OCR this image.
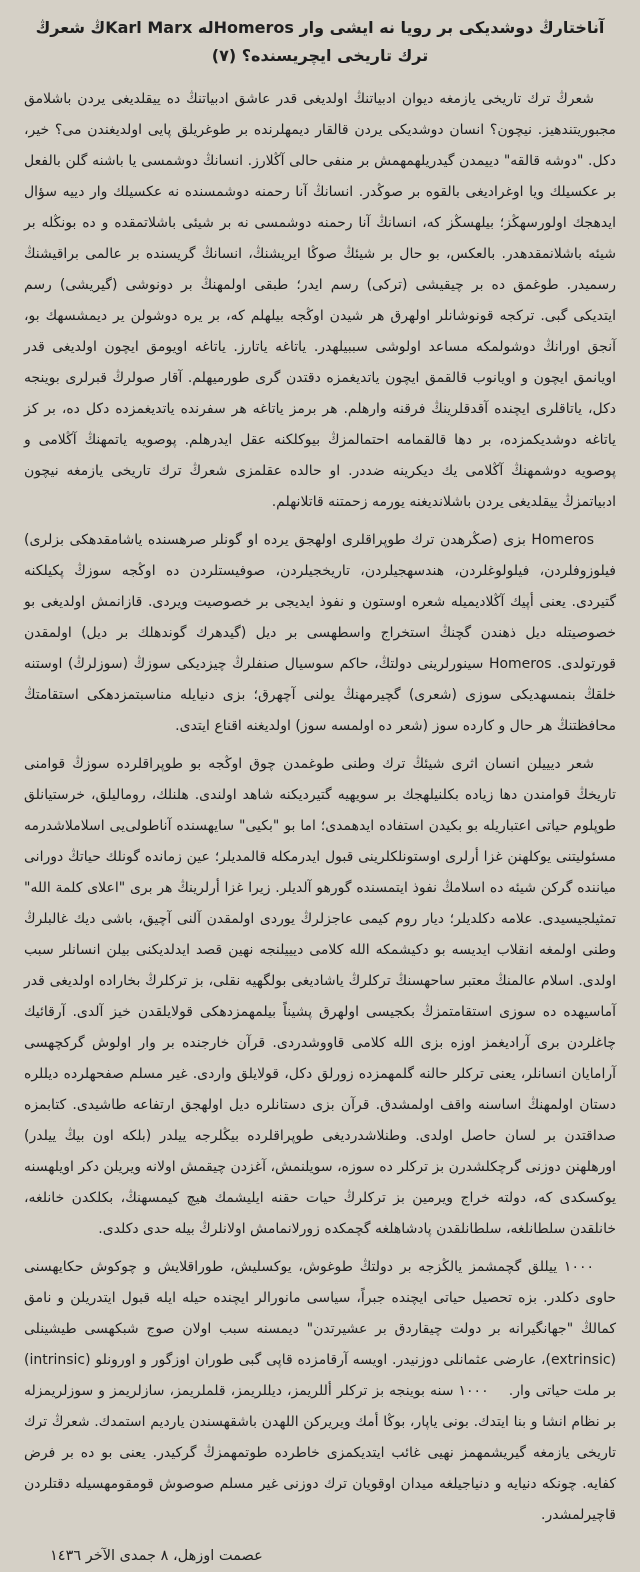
آناختارڭ دوشدیكی بر رویا نه ایشی وار Homerosله Karl Marxڭ شعرڭ ترك تاریخی ایچریسنده؟ (٧)

شعرڭ ترك تاریخی یازمغه دیوان ادبیاتنڭ اولدیغی قدر عاشق ادبیاتنڭ ده ییقلدیغی یردن باشلامق مجبوریتندهیز. نیچون؟ انسان دوشدیكی یردن قالقار دیمهلرنده بر طوغریلق پایی اولدیغندن می؟ خیر، دكل. "دوشه قالقه" دییمدن گیدریلهمهمش بر منفی حالی آڭلارز. انسانڭ دوشمسی یا باشنه گلن بالفعل بر عكسیلك ویا اوغرادیغی بالقوه بر صوڭدر. انسانڭ آنا رحمنه دوشمسنده نه عكسیلك وار دییه سؤال ایدهجك اولورسهڭز؛ بیلهسڭز كه، انسانڭ آنا رحمنه دوشمسی نه بر شیئی باشلاتمقده و ده بونڭله بر شیئه باشلانمقدهدر. بالعكس، بو حال بر شیئڭ صوڭا ایریشنڭ، انسانڭ گریسنده بر عالمی براقیشنڭ رسمیدر. طوغمق ده بر چیقیشی (تركی) رسم ایدر؛ طبقی اولمهنڭ بر دونوشی (گیریشی) رسم ایتدیكی گبی. تركجه قونوشانلر اولهرق هر شیدن اوڭجه بیلهلم كه، بر یره دوشولن یر دیمشسهك بو، آنجق اورانڭ دوشولمكه مساعد اولوشی سببیلهدر. یاتاغه یاتارز. یاتاغه اویومق ایچون اولدیغی قدر اویانمق ایچون و اویانوب قالقمق ایچون یاتدیغمزه دقتدن گری طورمیهلم. آقار صولرڭ قبرلری بوینجه دكل، یاتاقلری ایچنده آقدقلرینڭ فرقنه وارهلم. هر برمز یاتاغه هر سفرنده یاتدیغمزده دكل ده، بر كز یاتاغه دوشدیكمزده، بر دها قالقمامه احتمالمزڭ بیوكلكنه عقل ایدرهلم. پوصویه یاتمهنڭ آڭلامی و پوصویه دوشمهنڭ آڭلامی یك دیكرینه ضددر. او حالده عقلمزی شعرڭ ترك تاریخی یازمغه نیچون ادبیاتمزڭ ییقلدیغی یردن باشلاندیغنه یورمه زحمتنه قاتلانهلم.

Homeros بزی (صڭرهدن ترك طوپراقلری اولهجق یرده او گونلر صرهسنده یاشامقدهكی بزلری) فیلوزوفلردن، فیلولوغلردن، هندسهجیلردن، تاریخجیلردن، صوفیستلردن ده اوڭجه سوزڭ پكیلكنه گتیردی. یعنی أپیك آڭلادیمیله شعره اوستون و نفوذ ایدیجی بر خصوصیت ویردی. قازانمش اولدیغی بو خصوصیتله دیل ذهندن گچنڭ استخراج واسطهسی بر دیل (گیدهرك گوندهلك بر دیل) اولمقدن قورتولدی. Homeros سینورلرینی دولتڭ، حاكم سوسیال صنفلرڭ چیزدیكی سوزڭ (سوزلرڭ) اوستنه خلقڭ بنمسهدیكی سوزی (شعری) گچیرمهنڭ یولنی آچهرق؛ بزی دنیایله مناسبتمزدهكی استقامتڭ محافظتنڭ هر حال و كارده سوز (شعر ده اولمسه سوز) اولدیغنه اقناع ایتدی.

شعر دیییلن انسان اثری شیئڭ ترك وطنی طوغمدن چوق اوڭجه بو طوپراقلرده سوزڭ قوامنی تاریخڭ قوامندن دها زیاده بكلنیلهجك بر سویهیه گتیردیكنه شاهد اولندی. هلنلك، رومالیلق، خرستیانلق طوپلوم حیاتی اعتباریله بو بكیدن استفاده ایدهمدی؛ اما بو "بكیی" سایهسنده آناطولی‌یی اسلاملاشدرمه مسئولیتنی یوكلهنن غزا أرلری اوستونلكلرینی قبول ایدرمكله قالمدیلر؛ عین زمانده گونلك حیاتڭ دورانی میاننده گركن شیئه ده اسلامڭ نفوذ ایتمسنده گورهو آلدیلر. زیرا غزا أرلرینڭ هر بری "اعلای كلمة الله" تمثیلجیسیدی. علامه دكلدیلر؛ دیار روم كیمی عاجزلرڭ یوردی اولمقدن آلنی آچیق، باشی دیك غالبلرڭ وطنی اولمغه انقلاب ایدیسه بو دكیشمكه الله كلامی دیییلنجه نهین قصد ایدلدیكنی بیلن انسانلر سبب اولدی. اسلام عالمنڭ معتبر ساحهسنڭ تركلرڭ یاشادیغی بولگهیه نقلی، بز تركلرڭ بخاراده اولدیغی قدر آماسیهده ده سوزی استقامتمزڭ بكجیسی اولهرق پشیناً بیلمهمزدهكی قولایلقدن خیز آلدی. آرقائیك چاغلردن بری آرادیغمز اوزه بزی الله كلامی قاووشدردی. قرآن خارجنده بر وار اولوش گركچهسی آرامایان انسانلر، یعنی تركلر حالنه گلمهمزده زورلق دكل، قولایلق واردی. غیر مسلم صفحهلرده دیللره دستان اولمهنڭ اساسنه واقف اولمشدق. قرآن بزی دستانلره دیل اولهجق ارتفاعه طاشیدی. كتابمزه صداقتدن بر لسان حاصل اولدی. وطنلاشدردیغی طوپراقلرده بیڭلرجه ییلدر (بلكه اون بیڭ ییلدر) اورهلهنن دوزنی گرچكلشدرن بز تركلر ده سوزه، سویلنمش، آغزدن چیقمش اولانه ویریلن دكر اویلهسنه یوكسكدی كه، دولته خراج ویرمین بز تركلرڭ حیات حقنه ایلیشمك هیچ كیمسهنڭ، بكلكدن خانلغه، خانلقدن سلطانلغه، سلطانلقدن پادشاهلغه گچمكده زورلانمامش اولانلرڭ بیله حدی دكلدی.

١٠٠٠ ییللق گچمشمز یالڭزجه بر دولتڭ طوغوش، یوكسلیش، طوراقلایش و چوكوش حكایهسنی حاوی دكلدر. بزه تحصیل حیاتی ایچنده جبراً، سیاسی مانورالر ایچنده حیله ایله قبول ایتدریلن و نامق كمالڭ "جهانگیرانه بر دولت چیقاردق بر عشیرتدن" دیمسنه سبب اولان صوج شبكهسی طیشینلی (extrinsic)، عارضی عثمانلی دوزنیدر. اویسه آرقامزده قاپی گبی طوران اوزگور و اورونلو (intrinsic) بر ملت حیاتی وار.    ١٠٠٠ سنه بوینجه بز تركلر أللریمز، دیللریمز، قلملریمز، سازلریمز و سوزلریمزله بر نظام انشا و بنا ایتدك. بونی یاپار، بوڭا أمك ویریركن اللهدن باشقهسندن یاردیم استمدك. شعرڭ ترك تاریخی یازمغه گیریشمهمز نهیی غائب ایتدیكمزی خاطرده طوتمهمزڭ گركیدر. یعنی بو ده بر فرض كفایه. چونكه دنیایه و دنیاجیلغه میدان اوقویان ترك دوزنی غیر مسلم صوصوش قومقومهسیله دقتلردن قاچیرلمشدر.

عصمت اوزهل، ٨ جمدی الآخر ١٤٣٦
